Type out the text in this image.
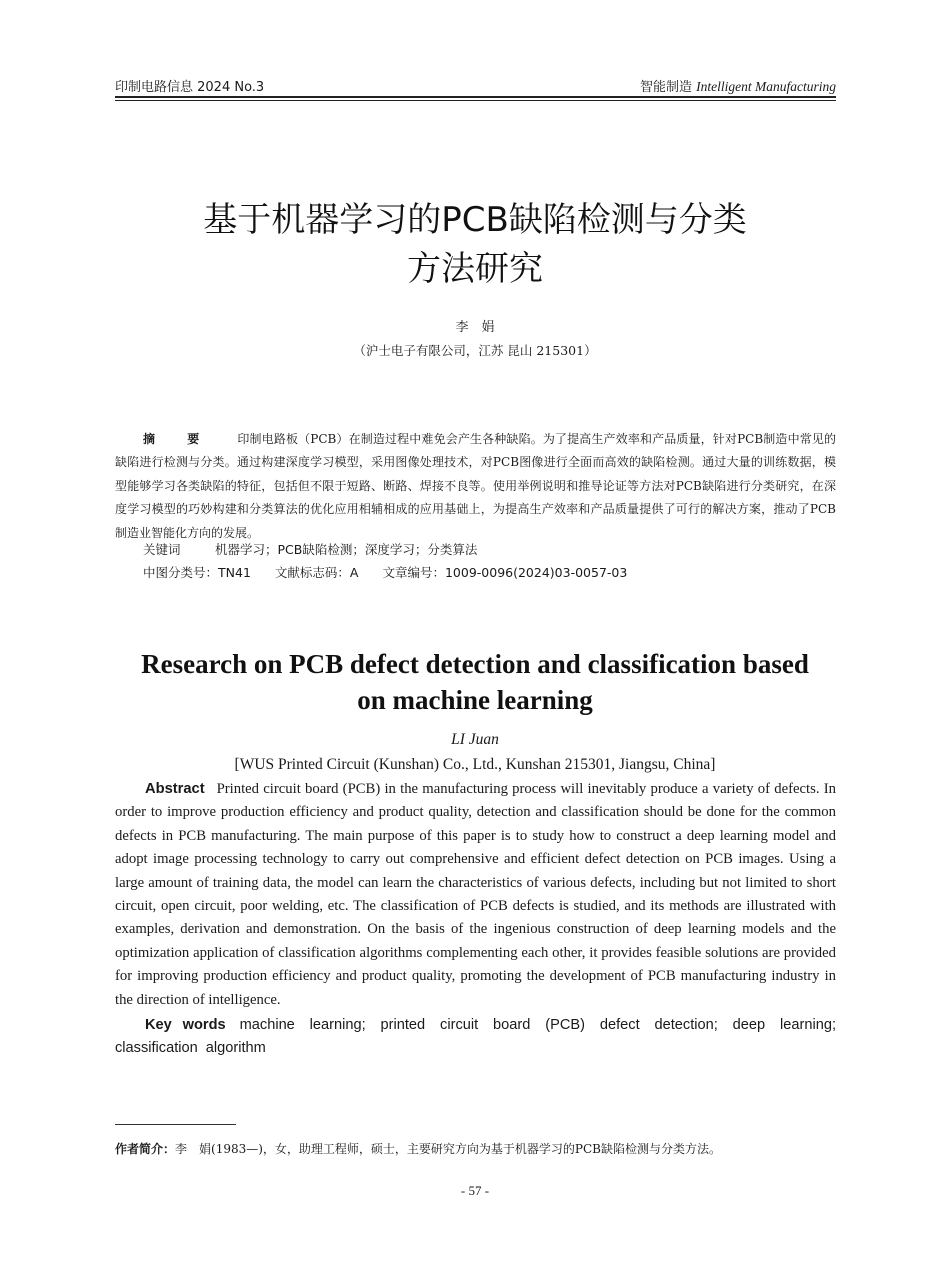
印制电路信息 2024 No.3	智能制造 Intelligent Manufacturing
基于机器学习的PCB缺陷检测与分类
方法研究
李　娟
（沪士电子有限公司，江苏 昆山 215301）
摘　要 印制电路板（PCB）在制造过程中难免会产生各种缺陷。为了提高生产效率和产品质量，针对PCB制造中常见的缺陷进行检测与分类。通过构建深度学习模型，采用图像处理技术，对PCB图像进行全面而高效的缺陷检测。通过大量的训练数据，模型能够学习各类缺陷的特征，包括但不限于短路、断路、焊接不良等。使用举例说明和推导论证等方法对PCB缺陷进行分类研究，在深度学习模型的巧妙构建和分类算法的优化应用相辅相成的应用基础上，为提高生产效率和产品质量提供了可行的解决方案，推动了PCB制造业智能化方向的发展。
关键词	机器学习；PCB缺陷检测；深度学习；分类算法
中图分类号：TN41 文献标志码：A 文章编号：1009-0096(2024)03-0057-03
Research on PCB defect detection and classification based
on machine learning
LI Juan
[WUS Printed Circuit (Kunshan) Co., Ltd., Kunshan 215301, Jiangsu, China]
Abstract Printed circuit board (PCB) in the manufacturing process will inevitably produce a variety of defects. In order to improve production efficiency and product quality, detection and classification should be done for the common defects in PCB manufacturing. The main purpose of this paper is to study how to construct a deep learning model and adopt image processing technology to carry out comprehensive and efficient defect detection on PCB images. Using a large amount of training data, the model can learn the characteristics of various defects, including but not limited to short circuit, open circuit, poor welding, etc. The classification of PCB defects is studied, and its methods are illustrated with examples, derivation and demonstration. On the basis of the ingenious construction of deep learning models and the optimization application of classification algorithms complementing each other, it provides feasible solutions are provided for improving production efficiency and product quality, promoting the development of PCB manufacturing industry in the direction of intelligence.
Key words machine learning; printed circuit board (PCB) defect detection; deep learning; classification algorithm
作者简介：李　娟(1983—)，女，助理工程师，硕士，主要研究方向为基于机器学习的PCB缺陷检测与分类方法。
- 57 -
